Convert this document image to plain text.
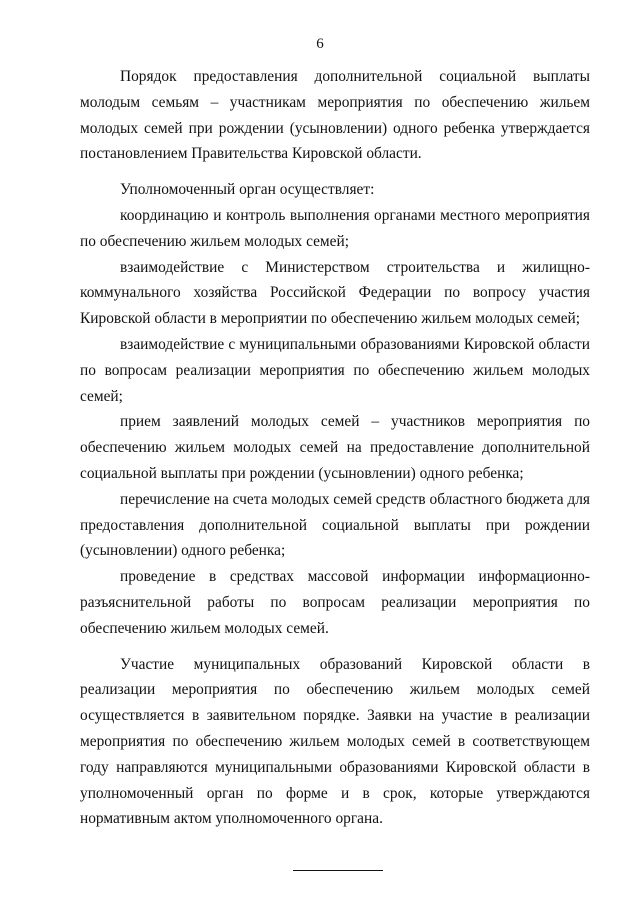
6

Порядок предоставления дополнительной социальной выплаты молодым семьям – участникам мероприятия по обеспечению жильем молодых семей при рождении (усыновлении) одного ребенка утверждается постановлением Правительства Кировской области.

Уполномоченный орган осуществляет:

координацию и контроль выполнения органами местного мероприятия по обеспечению жильем молодых семей;

взаимодействие с Министерством строительства и жилищно-коммунального хозяйства Российской Федерации по вопросу участия Кировской области в мероприятии по обеспечению жильем молодых семей;

взаимодействие с муниципальными образованиями Кировской области по вопросам реализации мероприятия по обеспечению жильем молодых семей;

прием заявлений молодых семей – участников мероприятия по обеспечению жильем молодых семей на предоставление дополнительной социальной выплаты при рождении (усыновлении) одного ребенка;

перечисление на счета молодых семей средств областного бюджета для предоставления дополнительной социальной выплаты при рождении (усыновлении) одного ребенка;

проведение в средствах массовой информации информационно-разъяснительной работы по вопросам реализации мероприятия по обеспечению жильем молодых семей.

Участие муниципальных образований Кировской области в реализации мероприятия по обеспечению жильем молодых семей осуществляется в заявительном порядке. Заявки на участие в реализации мероприятия по обеспечению жильем молодых семей в соответствующем году направляются муниципальными образованиями Кировской области в уполномоченный орган по форме и в срок, которые утверждаются нормативным актом уполномоченного органа.
